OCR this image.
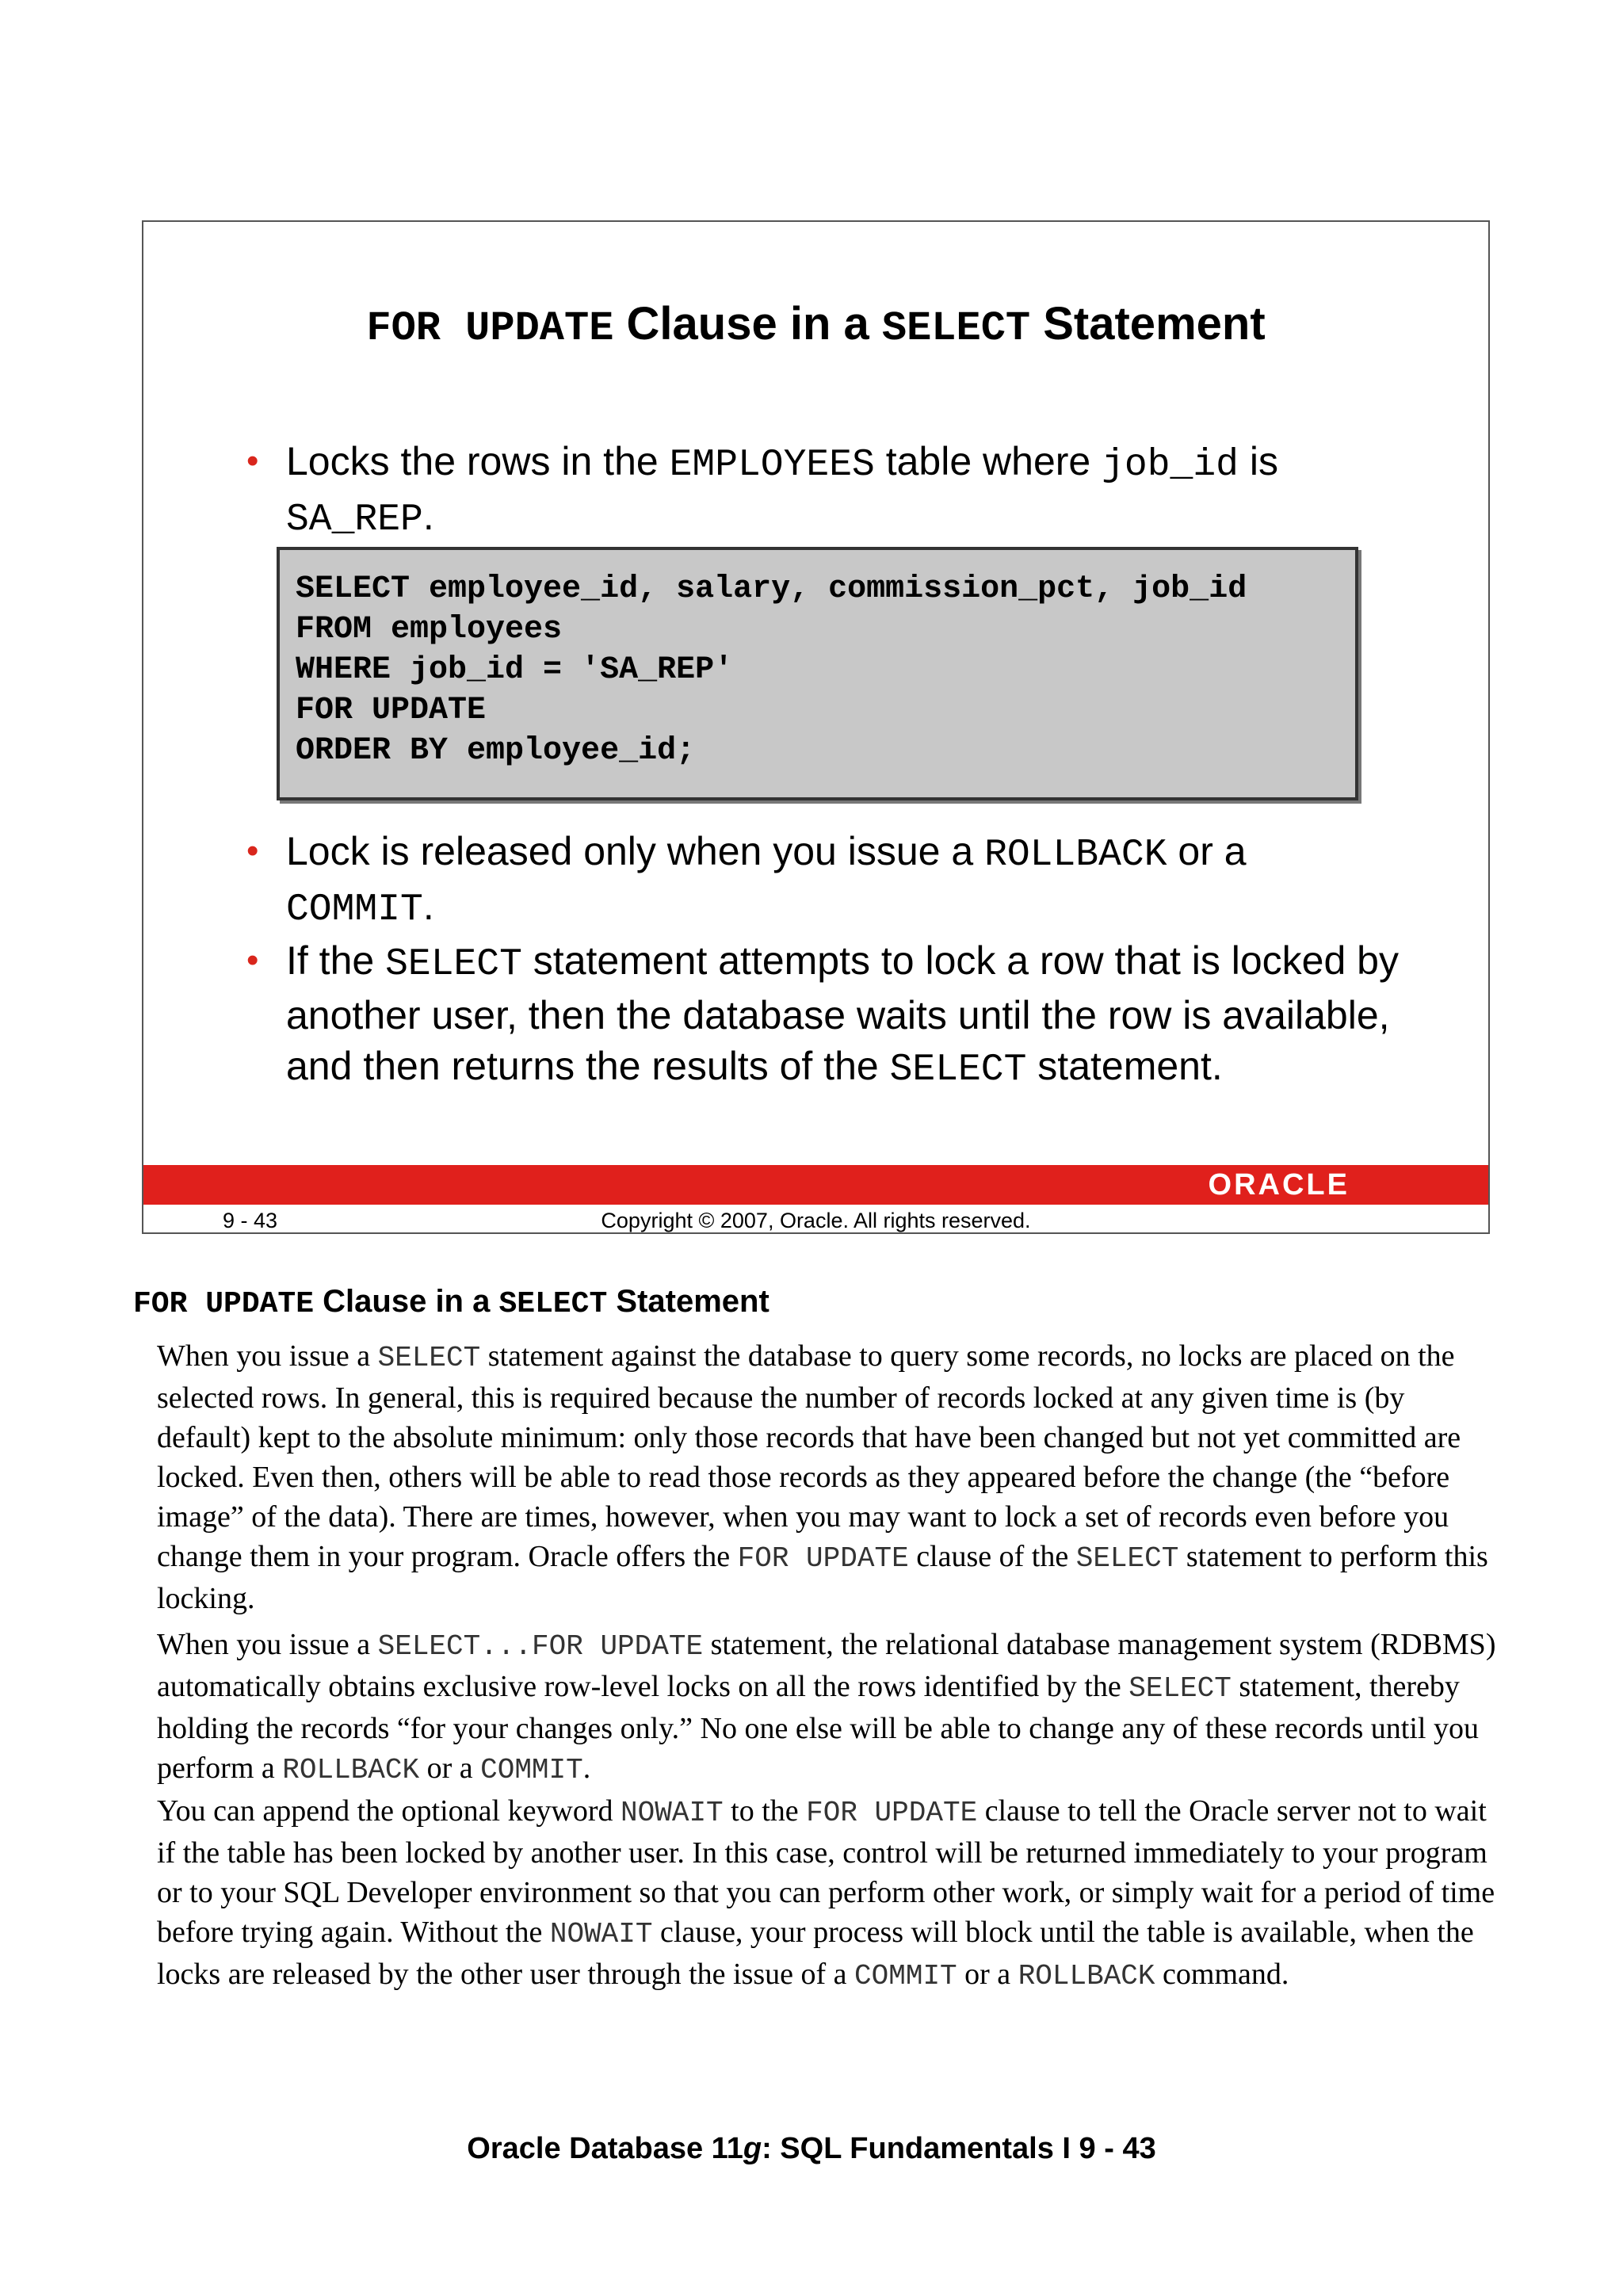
FOR UPDATE Clause in a SELECT Statement
• Locks the rows in the EMPLOYEES table where job_id is
SA_REP.
SELECT employee_id, salary, commission_pct, job_id
FROM employees
WHERE job_id = 'SA_REP'
FOR UPDATE
ORDER BY employee_id;
• Lock is released only when you issue a ROLLBACK or a
COMMIT.
• If the SELECT statement attempts to lock a row that is locked by another user, then the database waits until the row is available, and then returns the results of the SELECT statement.
ORACLE
Copyright © 2007, Oracle. All rights reserved.
9 - 43
FOR UPDATE Clause in a SELECT Statement
When you issue a SELECT statement against the database to query some records, no locks are placed on the selected rows. In general, this is required because the number of records locked at any given time is (by default) kept to the absolute minimum: only those records that have been changed but not yet committed are locked. Even then, others will be able to read those records as they appeared before the change (the “before image” of the data). There are times, however, when you may want to lock a set of records even before you change them in your program. Oracle offers the FOR UPDATE clause of the SELECT statement to perform this locking.
When you issue a SELECT...FOR UPDATE statement, the relational database management system (RDBMS) automatically obtains exclusive row-level locks on all the rows identified by the SELECT statement, thereby holding the records “for your changes only.” No one else will be able to change any of these records until you perform a ROLLBACK or a COMMIT.
You can append the optional keyword NOWAIT to the FOR UPDATE clause to tell the Oracle server not to wait if the table has been locked by another user. In this case, control will be returned immediately to your program or to your SQL Developer environment so that you can perform other work, or simply wait for a period of time before trying again. Without the NOWAIT clause, your process will block until the table is available, when the locks are released by the other user through the issue of a COMMIT or a ROLLBACK command.
Oracle Database 11g: SQL Fundamentals I 9 - 43
